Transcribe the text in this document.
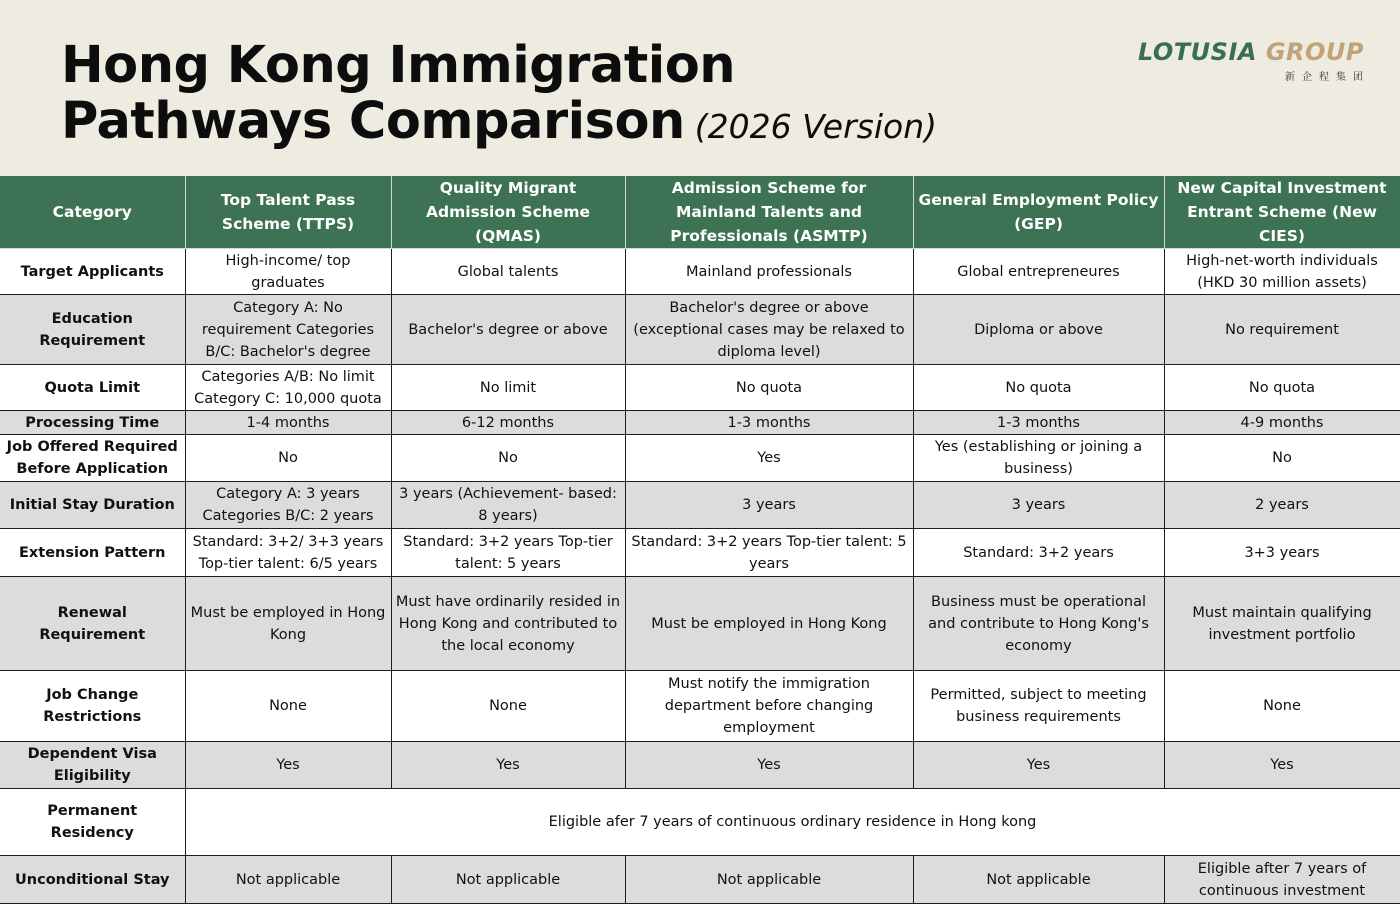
Hong Kong Immigration
Pathways Comparison (2026 Version)
LOTUSIA GROUP
新企程集团
Category	Top Talent Pass Scheme (TTPS)	Quality Migrant Admission Scheme (QMAS)	Admission Scheme for Mainland Talents and Professionals (ASMTP)	General Employment Policy (GEP)	New Capital Investment Entrant Scheme (New CIES)
Target Applicants	High-income/ top graduates	Global talents	Mainland professionals	Global entrepreneures	High-net-worth individuals (HKD 30 million assets)
Education Requirement	Category A: No requirement Categories B/C: Bachelor's degree	Bachelor's degree or above	Bachelor's degree or above (exceptional cases may be relaxed to diploma level)	Diploma or above	No requirement
Quota Limit	Categories A/B: No limit Category C: 10,000 quota	No limit	No quota	No quota	No quota
Processing Time	1-4 months	6-12 months	1-3 months	1-3 months	4-9 months
Job Offered Required Before Application	No	No	Yes	Yes (establishing or joining a business)	No
Initial Stay Duration	Category A: 3 years Categories B/C: 2 years	3 years (Achievement- based: 8 years)	3 years	3 years	2 years
Extension Pattern	Standard: 3+2/ 3+3 years Top-tier talent: 6/5 years	Standard: 3+2 years Top-tier talent: 5 years	Standard: 3+2 years Top-tier talent: 5 years	Standard: 3+2 years	3+3 years
Renewal Requirement	Must be employed in Hong Kong	Must have ordinarily resided in Hong Kong and contributed to the local economy	Must be employed in Hong Kong	Business must be operational and contribute to Hong Kong's economy	Must maintain qualifying investment portfolio
Job Change Restrictions	None	None	Must notify the immigration department before changing employment	Permitted, subject to meeting business requirements	None
Dependent Visa Eligibility	Yes	Yes	Yes	Yes	Yes
Permanent Residency	Eligible afer 7 years of continuous ordinary residence in Hong kong				
Unconditional Stay	Not applicable	Not applicable	Not applicable	Not applicable	Eligible after 7 years of continuous investment
